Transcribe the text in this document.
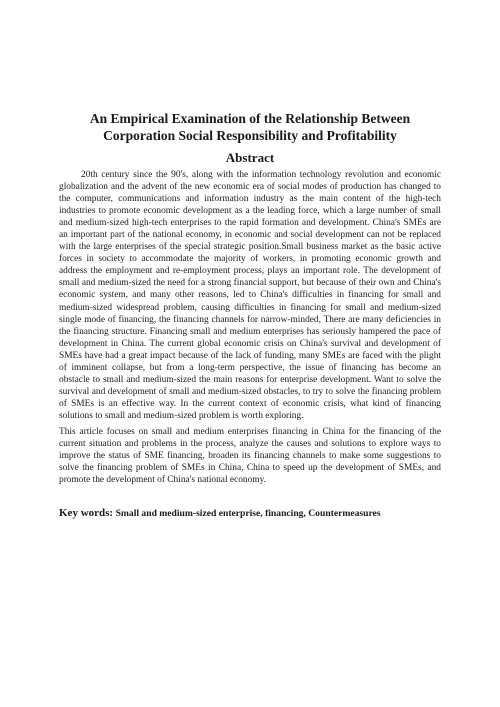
An Empirical Examination of the Relationship Between
Corporation Social Responsibility and Profitability
Abstract

20th century since the 90's, along with the information technology revolution and economic globalization and the advent of the new economic era of social modes of production has changed to the computer, communications and information industry as the main content of the high-tech industries to promote economic development as a the leading force, which a large number of small and medium-sized high-tech enterprises to the rapid formation and development. China's SMEs are an important part of the national economy, in economic and social development can not be replaced with the large enterprises of the special strategic position.Small business market as the basic active forces in society to accommodate the majority of workers, in promoting economic growth and address the employment and re-employment process, plays an important role. The development of small and medium-sized the need for a strong financial support, but because of their own and China's economic system, and many other reasons, led to China's difficulties in financing for small and medium-sized widespread problem, causing difficulties in financing for small and medium-sized single mode of financing, the financing channels for narrow-minded, There are many deficiencies in the financing structure. Financing small and medium enterprises has seriously hampered the pace of development in China. The current global economic crisis on China's survival and development of SMEs have had a great impact because of the lack of funding, many SMEs are faced with the plight of imminent collapse, but from a long-term perspective, the issue of financing has become an obstacle to small and medium-sized the main reasons for enterprise development. Want to solve the survival and development of small and medium-sized obstacles, to try to solve the financing problem of SMEs is an effective way. In the current context of economic crisis, what kind of financing solutions to small and medium-sized problem is worth exploring.

This article focuses on small and medium enterprises financing in China for the financing of the current situation and problems in the process, analyze the causes and solutions to explore ways to improve the status of SME financing, broaden its financing channels to make some suggestions to solve the financing problem of SMEs in China, China to speed up the development of SMEs, and promote the development of China's national economy.

Key words: Small and medium-sized enterprise, financing, Countermeasures
